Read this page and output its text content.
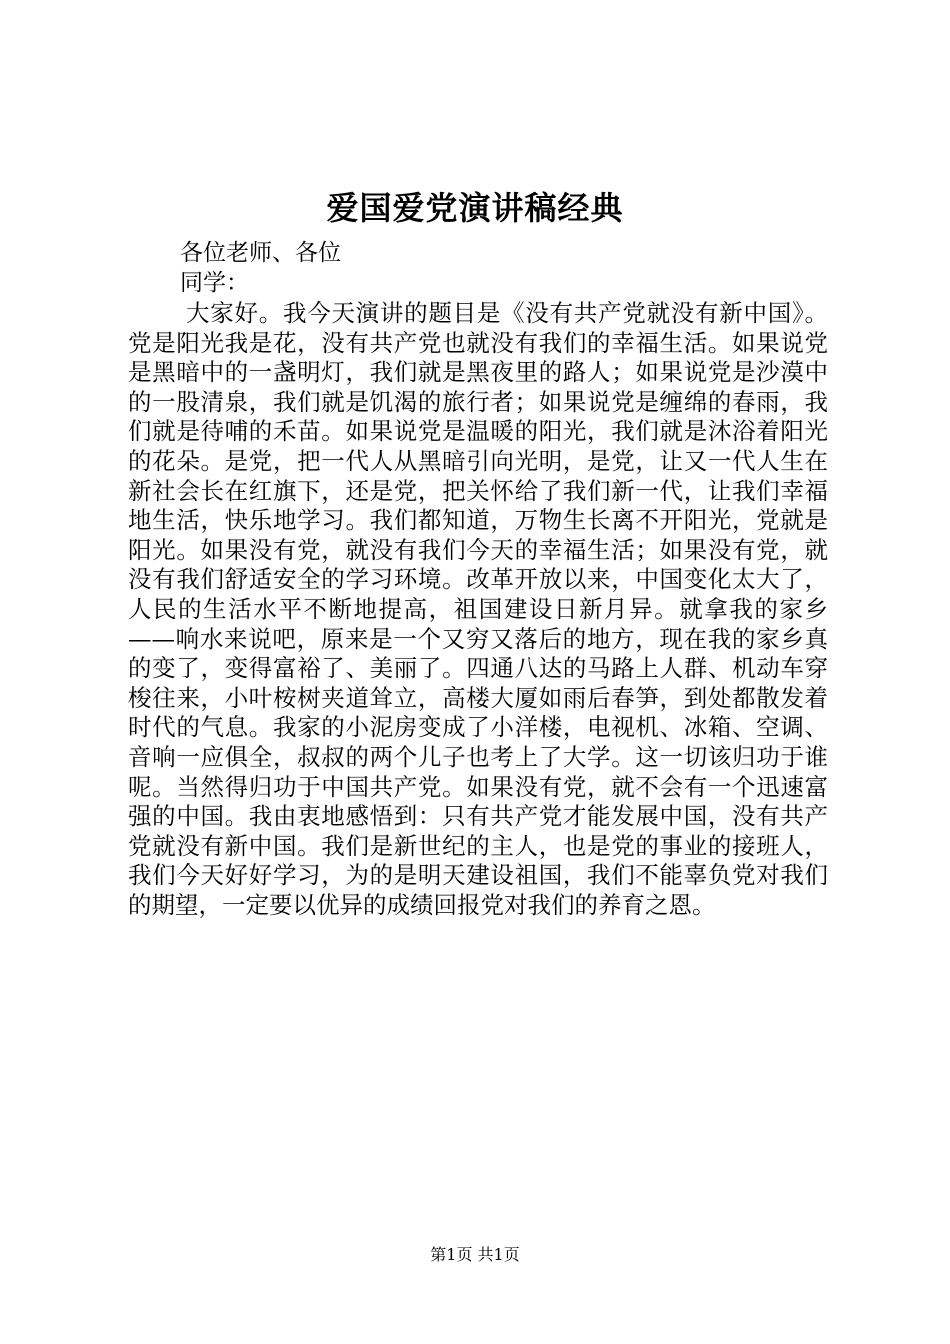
爱国爱党演讲稿经典
各位老师、各位
同学：
大家好。我今天演讲的题目是《没有共产党就没有新中国》。党是阳光我是花，没有共产党也就没有我们的幸福生活。如果说党是黑暗中的一盏明灯，我们就是黑夜里的路人；如果说党是沙漠中的一股清泉，我们就是饥渴的旅行者；如果说党是缠绵的春雨，我们就是待哺的禾苗。如果说党是温暖的阳光，我们就是沐浴着阳光的花朵。是党，把一代人从黑暗引向光明，是党，让又一代人生在新社会长在红旗下，还是党，把关怀给了我们新一代，让我们幸福地生活，快乐地学习。我们都知道，万物生长离不开阳光，党就是阳光。如果没有党，就没有我们今天的幸福生活；如果没有党，就没有我们舒适安全的学习环境。改革开放以来，中国变化太大了，人民的生活水平不断地提高，祖国建设日新月异。就拿我的家乡——响水来说吧，原来是一个又穷又落后的地方，现在我的家乡真的变了，变得富裕了、美丽了。四通八达的马路上人群、机动车穿梭往来，小叶桉树夹道耸立，高楼大厦如雨后春笋，到处都散发着时代的气息。我家的小泥房变成了小洋楼，电视机、冰箱、空调、音响一应俱全，叔叔的两个儿子也考上了大学。这一切该归功于谁呢。当然得归功于中国共产党。如果没有党，就不会有一个迅速富强的中国。我由衷地感悟到：只有共产党才能发展中国，没有共产党就没有新中国。我们是新世纪的主人，也是党的事业的接班人，我们今天好好学习，为的是明天建设祖国，我们不能辜负党对我们的期望，一定要以优异的成绩回报党对我们的养育之恩。
第1页 共1页
